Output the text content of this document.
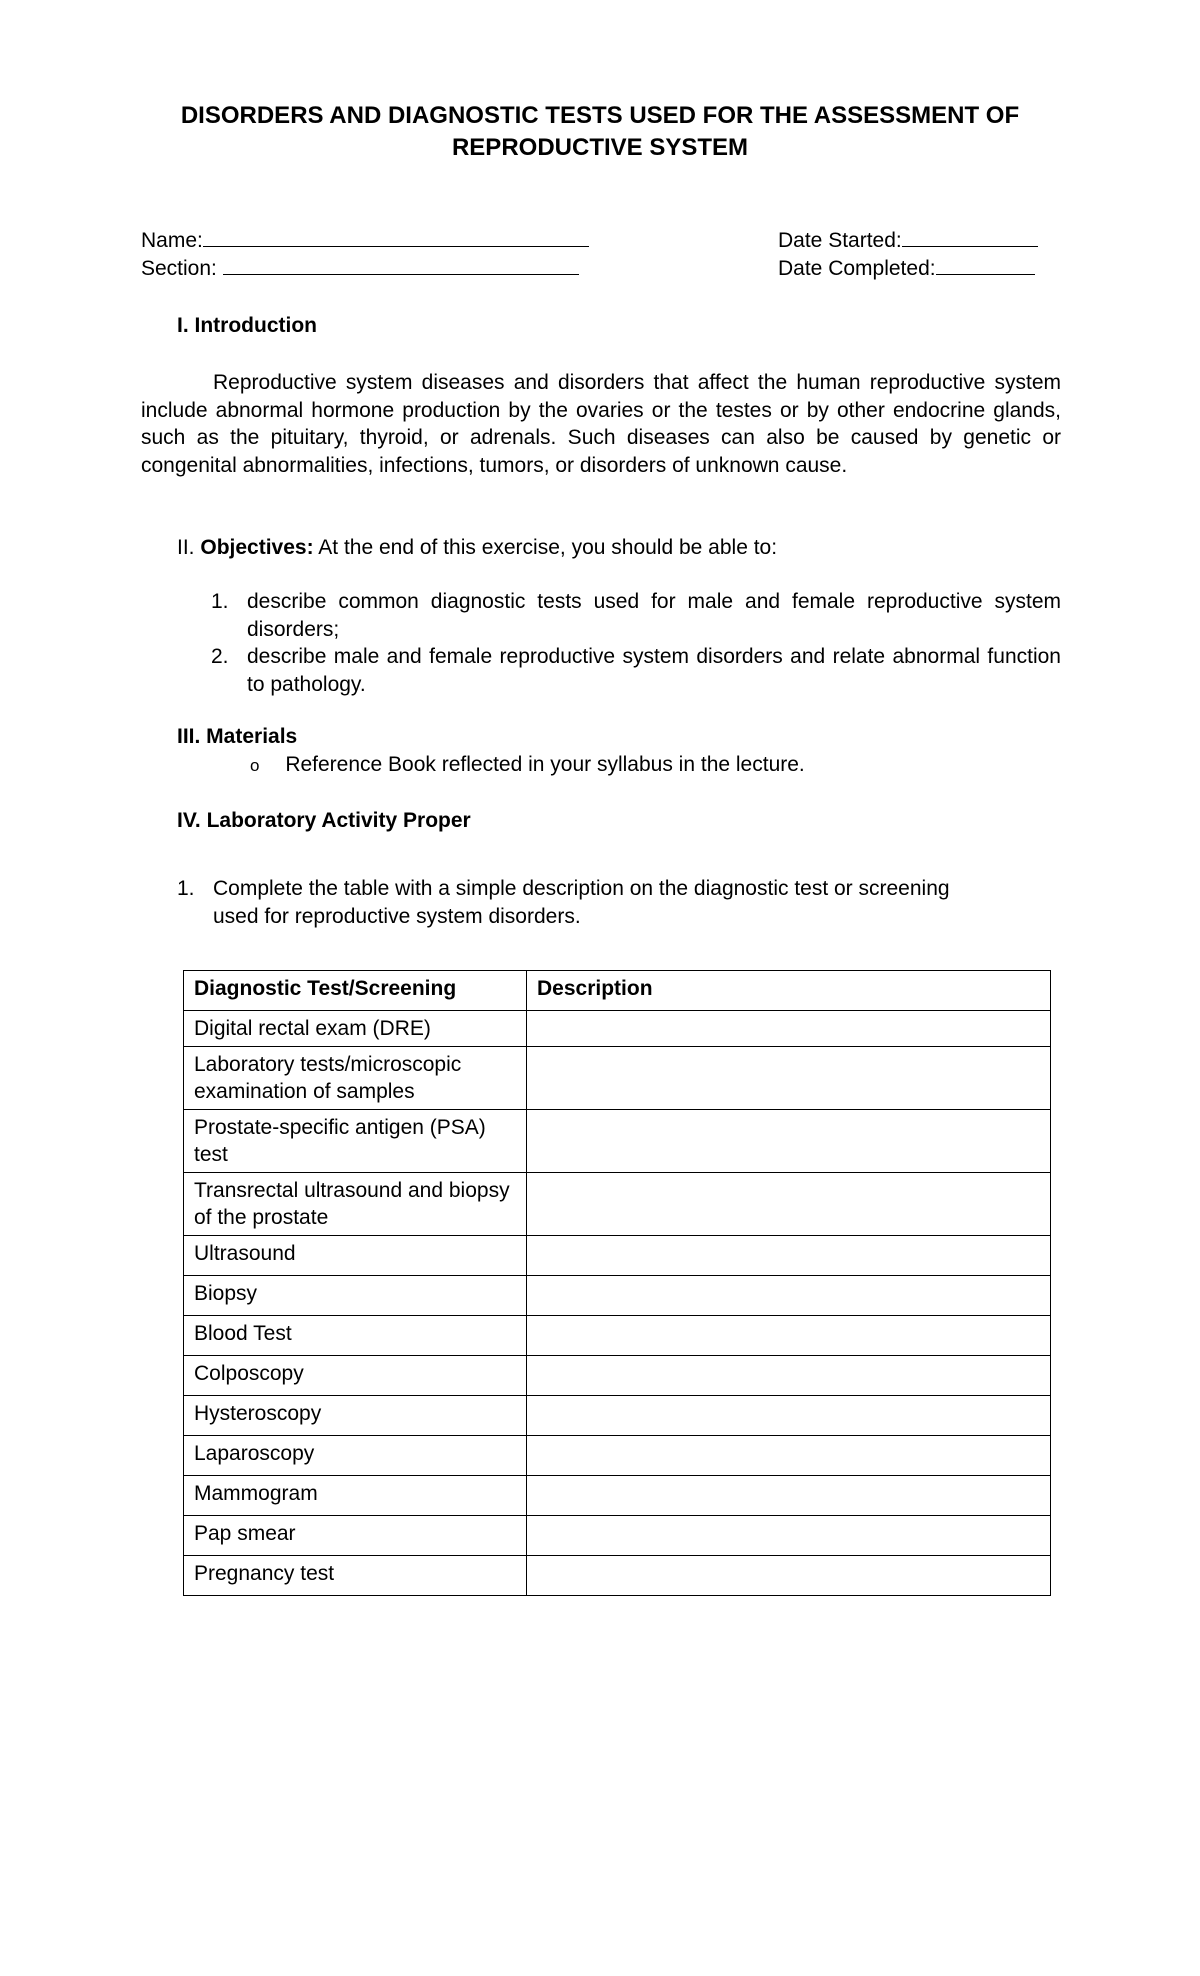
DISORDERS AND DIAGNOSTIC TESTS USED FOR THE ASSESSMENT OF
REPRODUCTIVE SYSTEM
Name:
Section:
Date Started:
Date Completed:
I. Introduction

Reproductive system diseases and disorders that affect the human reproductive system include abnormal hormone production by the ovaries or the testes or by other endocrine glands, such as the pituitary, thyroid, or adrenals. Such diseases can also be caused by genetic or congenital abnormalities, infections, tumors, or disorders of unknown cause.

II. Objectives: At the end of this exercise, you should be able to:
1. describe common diagnostic tests used for male and female reproductive system disorders;
2. describe male and female reproductive system disorders and relate abnormal function to pathology.
III. Materials
o Reference Book reflected in your syllabus in the lecture.
IV. Laboratory Activity Proper
1. Complete the table with a simple description on the diagnostic test or screening used for reproductive system disorders.
Diagnostic Test/Screening	Description
Digital rectal exam (DRE)	
Laboratory tests/microscopic examination of samples	
Prostate-specific antigen (PSA) test	
Transrectal ultrasound and biopsy of the prostate	
Ultrasound	
Biopsy	
Blood Test	
Colposcopy	
Hysteroscopy	
Laparoscopy	
Mammogram	
Pap smear	
Pregnancy test	
